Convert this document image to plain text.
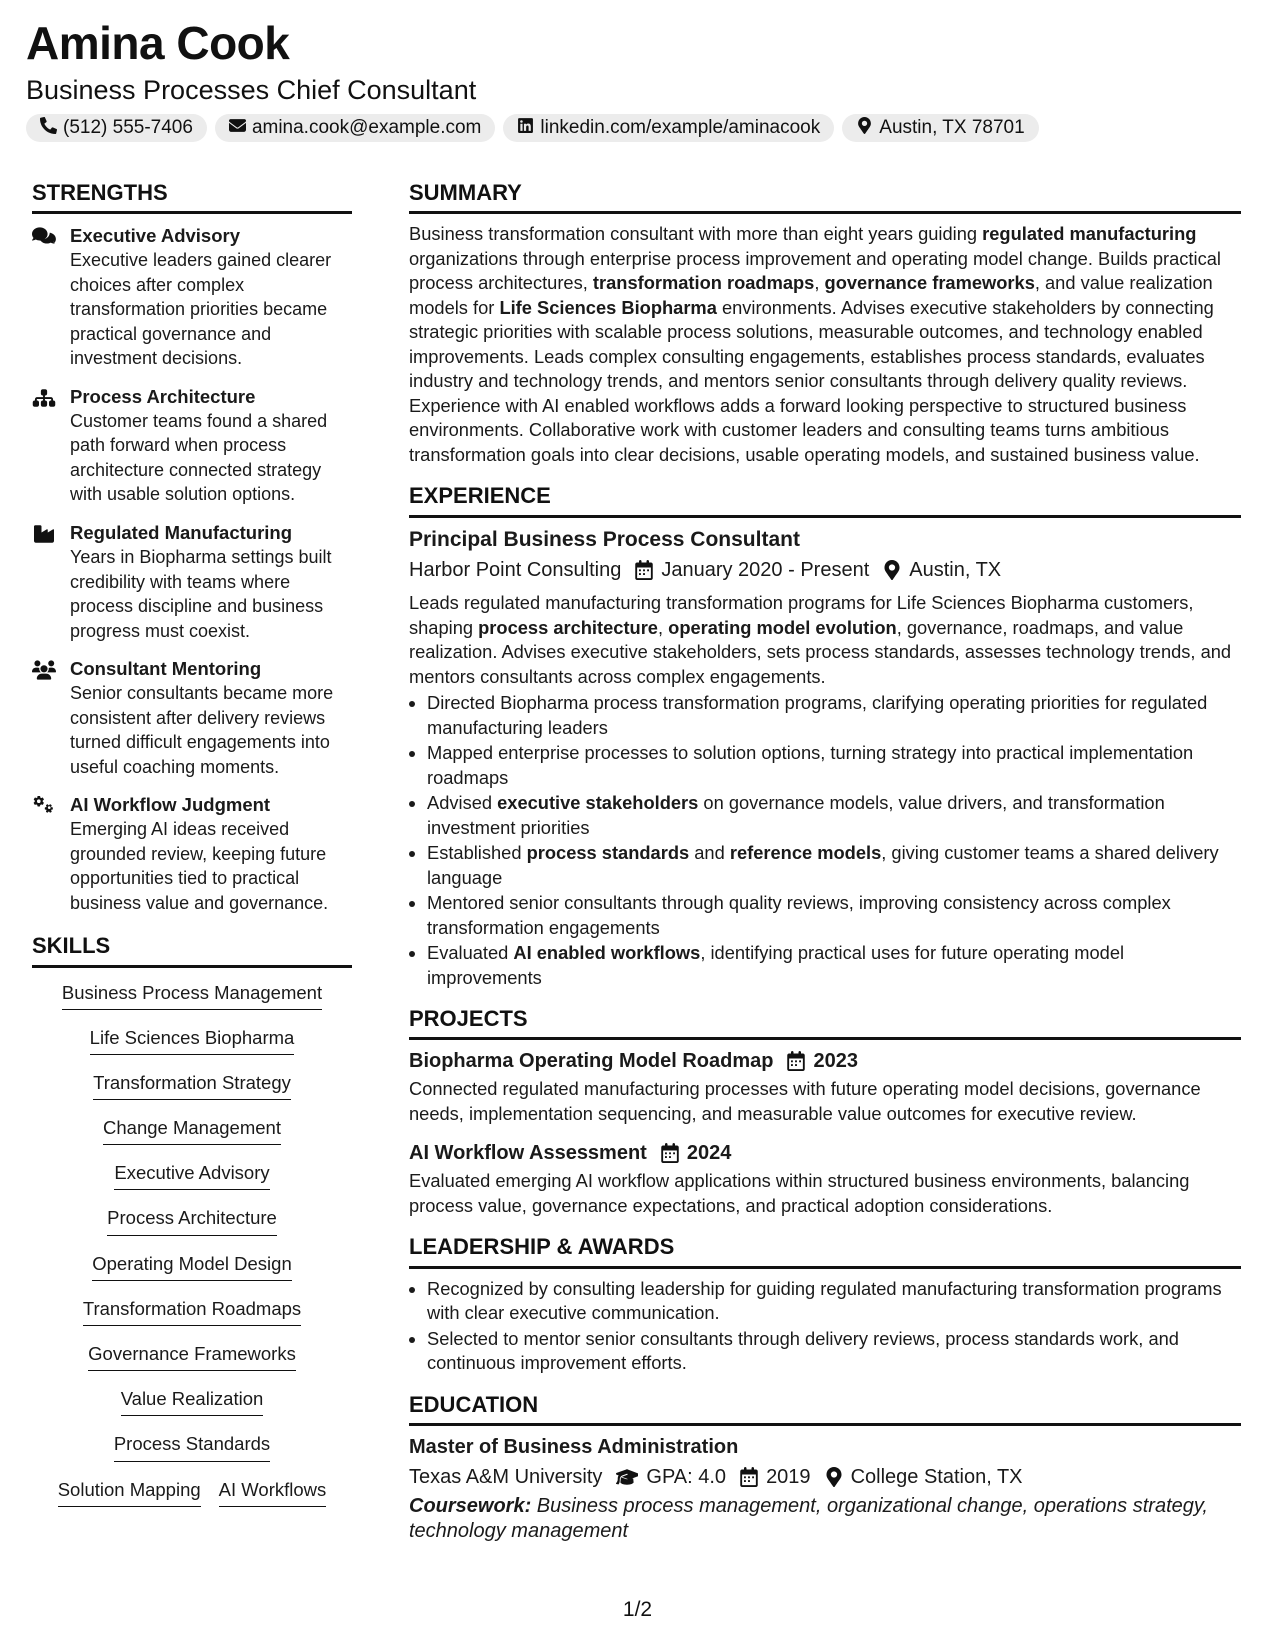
Amina Cook
Business Processes Chief Consultant
(512) 555-7406	amina.cook@example.com	linkedin.com/example/aminacook	Austin, TX 78701
STRENGTHS
Executive Advisory
Executive leaders gained clearer choices after complex transformation priorities became practical governance and investment decisions.
Process Architecture
Customer teams found a shared path forward when process architecture connected strategy with usable solution options.
Regulated Manufacturing
Years in Biopharma settings built credibility with teams where process discipline and business progress must coexist.
Consultant Mentoring
Senior consultants became more consistent after delivery reviews turned difficult engagements into useful coaching moments.
AI Workflow Judgment
Emerging AI ideas received grounded review, keeping future opportunities tied to practical business value and governance.
SKILLS
Business Process Management
Life Sciences Biopharma
Transformation Strategy
Change Management
Executive Advisory
Process Architecture
Operating Model Design
Transformation Roadmaps
Governance Frameworks
Value Realization
Process Standards
Solution Mapping AI Workflows
SUMMARY
Business transformation consultant with more than eight years guiding regulated manufacturing organizations through enterprise process improvement and operating model change. Builds practical process architectures, transformation roadmaps, governance frameworks, and value realization models for Life Sciences Biopharma environments. Advises executive stakeholders by connecting strategic priorities with scalable process solutions, measurable outcomes, and technology enabled improvements. Leads complex consulting engagements, establishes process standards, evaluates industry and technology trends, and mentors senior consultants through delivery quality reviews. Experience with AI enabled workflows adds a forward looking perspective to structured business environments. Collaborative work with customer leaders and consulting teams turns ambitious transformation goals into clear decisions, usable operating models, and sustained business value.
EXPERIENCE
Principal Business Process Consultant
Harbor Point Consulting January 2020 - Present Austin, TX
Leads regulated manufacturing transformation programs for Life Sciences Biopharma customers, shaping process architecture, operating model evolution, governance, roadmaps, and value realization. Advises executive stakeholders, sets process standards, assesses technology trends, and mentors consultants across complex engagements.
• Directed Biopharma process transformation programs, clarifying operating priorities for regulated manufacturing leaders
• Mapped enterprise processes to solution options, turning strategy into practical implementation roadmaps
• Advised executive stakeholders on governance models, value drivers, and transformation investment priorities
• Established process standards and reference models, giving customer teams a shared delivery language
• Mentored senior consultants through quality reviews, improving consistency across complex transformation engagements
• Evaluated AI enabled workflows, identifying practical uses for future operating model improvements
PROJECTS
Biopharma Operating Model Roadmap 2023
Connected regulated manufacturing processes with future operating model decisions, governance needs, implementation sequencing, and measurable value outcomes for executive review.
AI Workflow Assessment 2024
Evaluated emerging AI workflow applications within structured business environments, balancing process value, governance expectations, and practical adoption considerations.
LEADERSHIP & AWARDS
• Recognized by consulting leadership for guiding regulated manufacturing transformation programs with clear executive communication.
• Selected to mentor senior consultants through delivery reviews, process standards work, and continuous improvement efforts.
EDUCATION
Master of Business Administration
Texas A&M University GPA: 4.0 2019 College Station, TX
Coursework: Business process management, organizational change, operations strategy, technology management
1/2
